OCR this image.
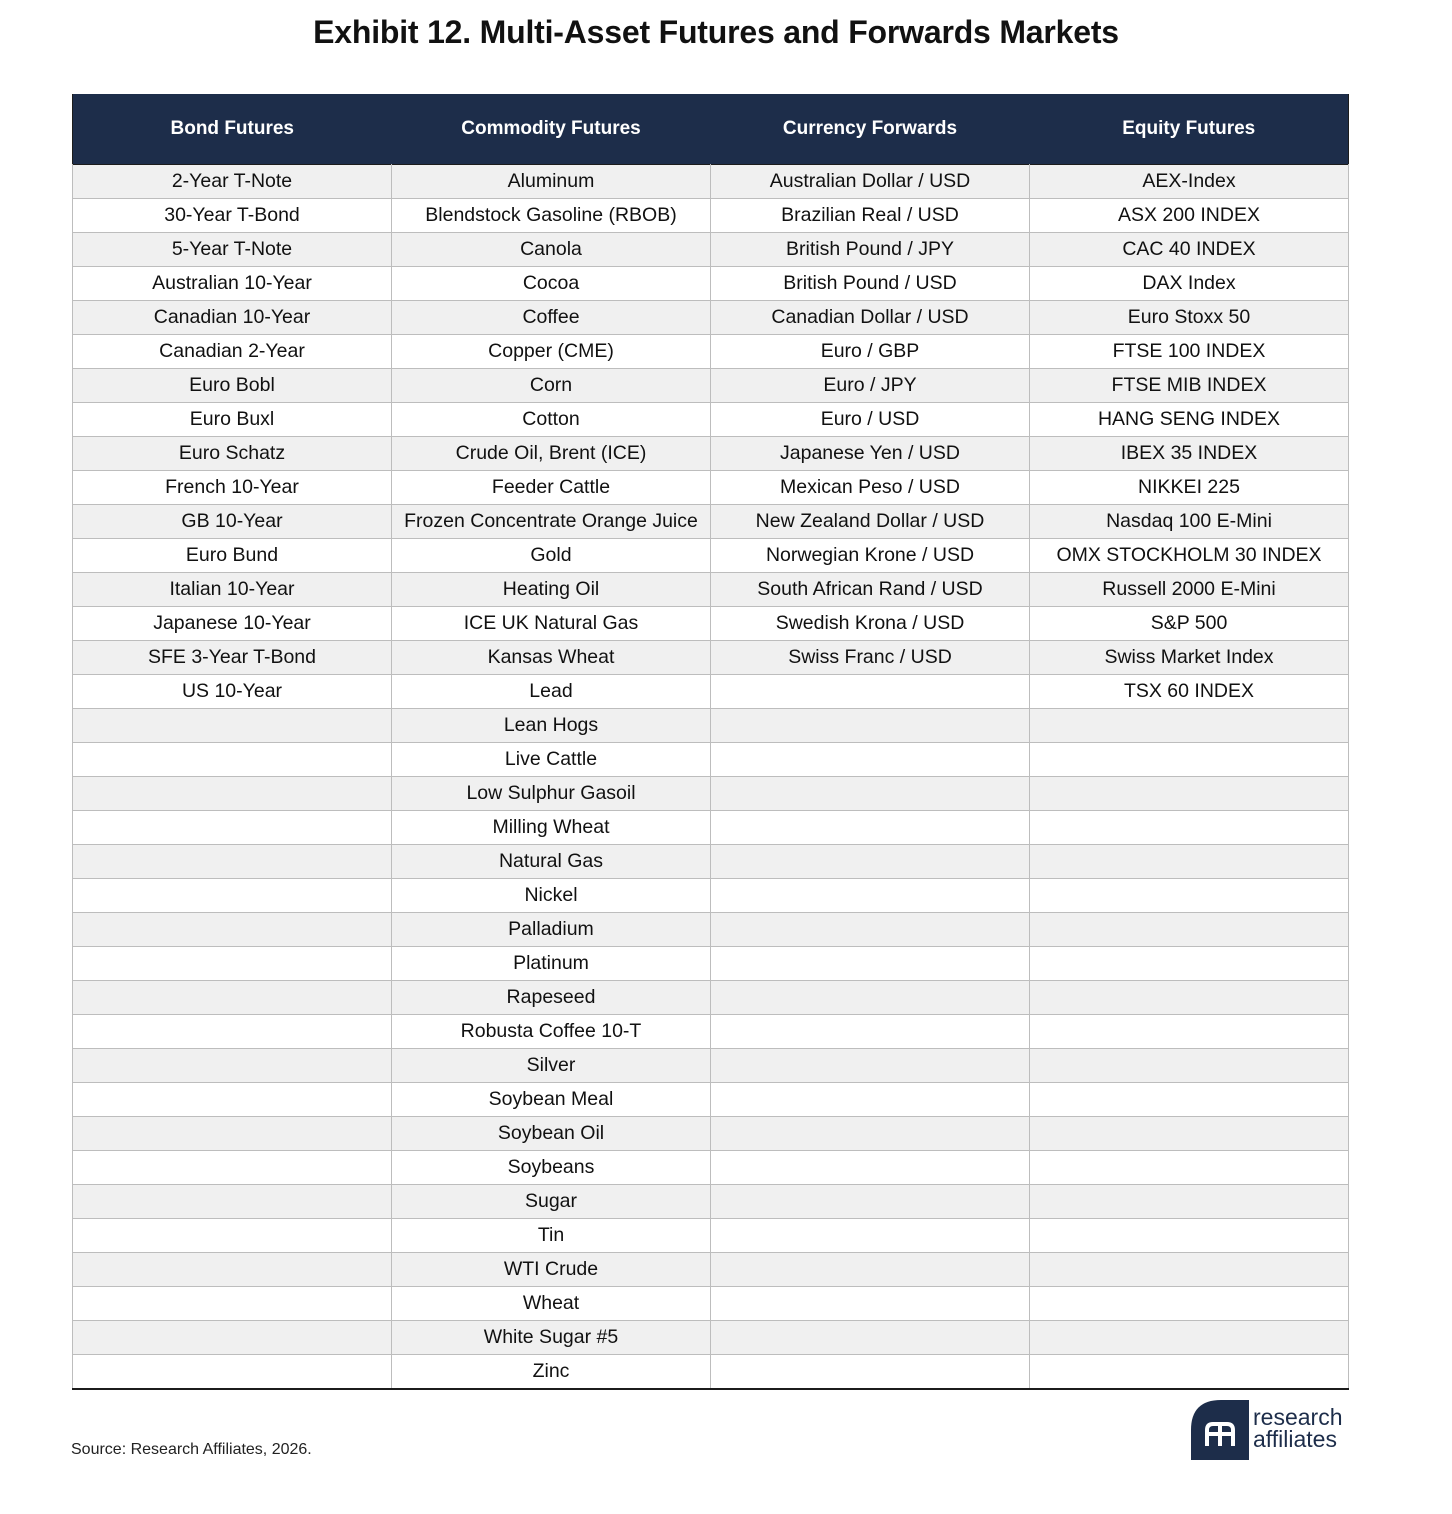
Exhibit 12. Multi-Asset Futures and Forwards Markets
Bond Futures	Commodity Futures	Currency Forwards	Equity Futures
2-Year T-Note	Aluminum	Australian Dollar / USD	AEX-Index
30-Year T-Bond	Blendstock Gasoline (RBOB)	Brazilian Real / USD	ASX 200 INDEX
5-Year T-Note	Canola	British Pound / JPY	CAC 40 INDEX
Australian 10-Year	Cocoa	British Pound / USD	DAX Index
Canadian 10-Year	Coffee	Canadian Dollar / USD	Euro Stoxx 50
Canadian 2-Year	Copper (CME)	Euro / GBP	FTSE 100 INDEX
Euro Bobl	Corn	Euro / JPY	FTSE MIB INDEX
Euro Buxl	Cotton	Euro / USD	HANG SENG INDEX
Euro Schatz	Crude Oil, Brent (ICE)	Japanese Yen / USD	IBEX 35 INDEX
French 10-Year	Feeder Cattle	Mexican Peso / USD	NIKKEI 225
GB 10-Year	Frozen Concentrate Orange Juice	New Zealand Dollar / USD	Nasdaq 100 E-Mini
Euro Bund	Gold	Norwegian Krone / USD	OMX STOCKHOLM 30 INDEX
Italian 10-Year	Heating Oil	South African Rand / USD	Russell 2000 E-Mini
Japanese 10-Year	ICE UK Natural Gas	Swedish Krona / USD	S&P 500
SFE 3-Year T-Bond	Kansas Wheat	Swiss Franc / USD	Swiss Market Index
US 10-Year	Lead		TSX 60 INDEX
	Lean Hogs		
	Live Cattle		
	Low Sulphur Gasoil		
	Milling Wheat		
	Natural Gas		
	Nickel		
	Palladium		
	Platinum		
	Rapeseed		
	Robusta Coffee 10-T		
	Silver		
	Soybean Meal		
	Soybean Oil		
	Soybeans		
	Sugar		
	Tin		
	WTI Crude		
	Wheat		
	White Sugar #5		
	Zinc		
Source: Research Affiliates, 2026.
research
affiliates
